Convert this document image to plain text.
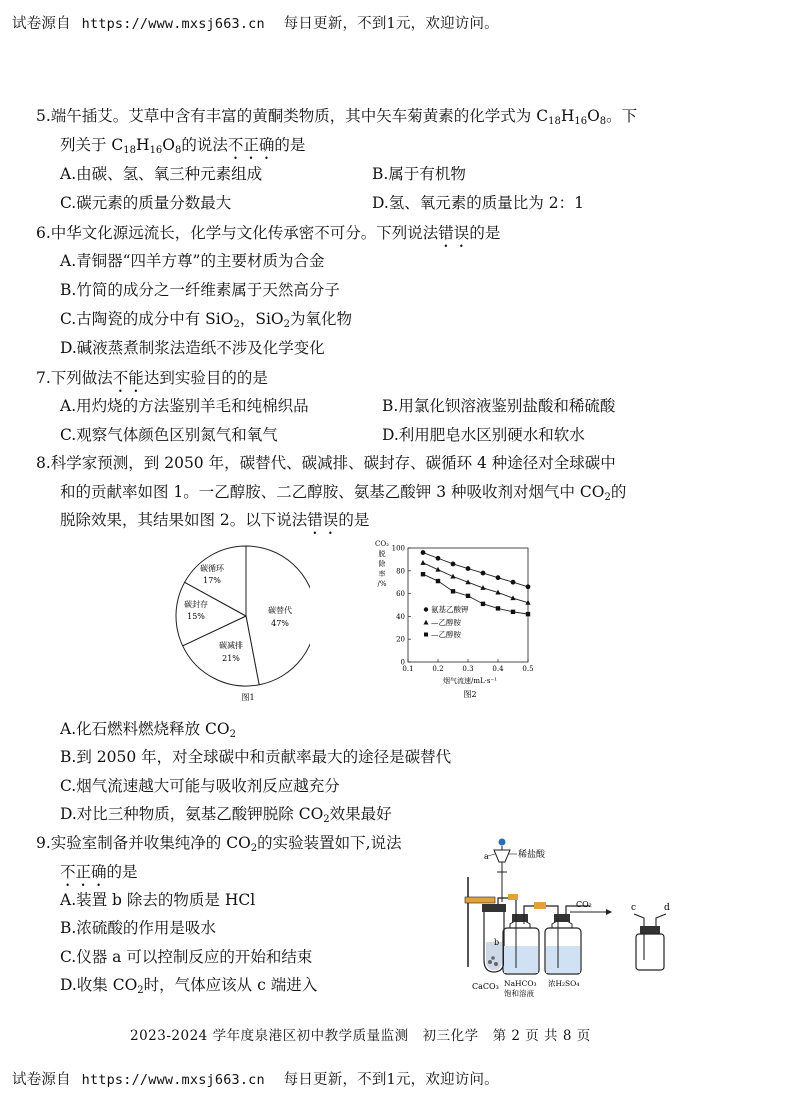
试卷源自 https://www.mxsj663.cn 每日更新，不到1元，欢迎访问。
5.端午插艾。艾草中含有丰富的黄酮类物质，其中矢车菊黄素的化学式为 $C_{18}H_{16}O_8$。下
列关于 $C_{18}H_{16}O_8$的说法不正确的是
A.由碳、氢、氧三种元素组成	B.属于有机物
C.碳元素的质量分数最大	D.氢、氧元素的质量比为 2：1
6.中华文化源远流长，化学与文化传承密不可分。下列说法错误的是
A.青铜器“四羊方尊”的主要材质为合金
B.竹简的成分之一纤维素属于天然高分子
C.古陶瓷的成分中有 SiO$_2$，SiO$_2$为氧化物
D.碱液蒸煮制浆法造纸不涉及化学变化
7.下列做法不能达到实验目的的是
A.用灼烧的方法鉴别羊毛和纯棉织品	B.用氯化钡溶液鉴别盐酸和稀硫酸
C.观察气体颜色区别氮气和氧气	D.利用肥皂水区别硬水和软水
8.科学家预测，到 2050 年，碳替代、碳减排、碳封存、碳循环 4 种途径对全球碳中
和的贡献率如图 1。一乙醇胺、二乙醇胺、氨基乙酸钾 3 种吸收剂对烟气中 $CO_2$的
脱除效果，其结果如图 2。以下说法错误的是
碳循环
17%
碳封存
15%
碳替代
47%
碳减排
21%
图1
CO₂
脱
除
率
/%
0
20
40
60
80
100
0.1	0.2	0.3	0.4	0.5
氨基乙酸钾
—乙醇胺
—乙醇胺
烟气流速/mL·s⁻¹
图2
A.化石燃料燃烧释放 $CO_2$
B.到 2050 年，对全球碳中和贡献率最大的途径是碳替代
C.烟气流速越大可能与吸收剂反应越充分
D.对比三种物质，氨基乙酸钾脱除 $CO_2$效果最好
9.实验室制备并收集纯净的 $CO_2$的实验装置如下,说法
不正确的是
A.装置 b 除去的物质是 HCl
B.浓硫酸的作用是吸水
C.仪器 a 可以控制反应的开始和结束
D.收集 $CO_2$时，气体应该从 c 端进入
a	稀盐酸
CaCO₃
b
NaHCO₃
饱和溶液
浓H₂SO₄
CO₂	c	d
2023-2024 学年度泉港区初中教学质量监测　初三化学　第 2 页 共 8 页
试卷源自 https://www.mxsj663.cn 每日更新，不到1元，欢迎访问。
